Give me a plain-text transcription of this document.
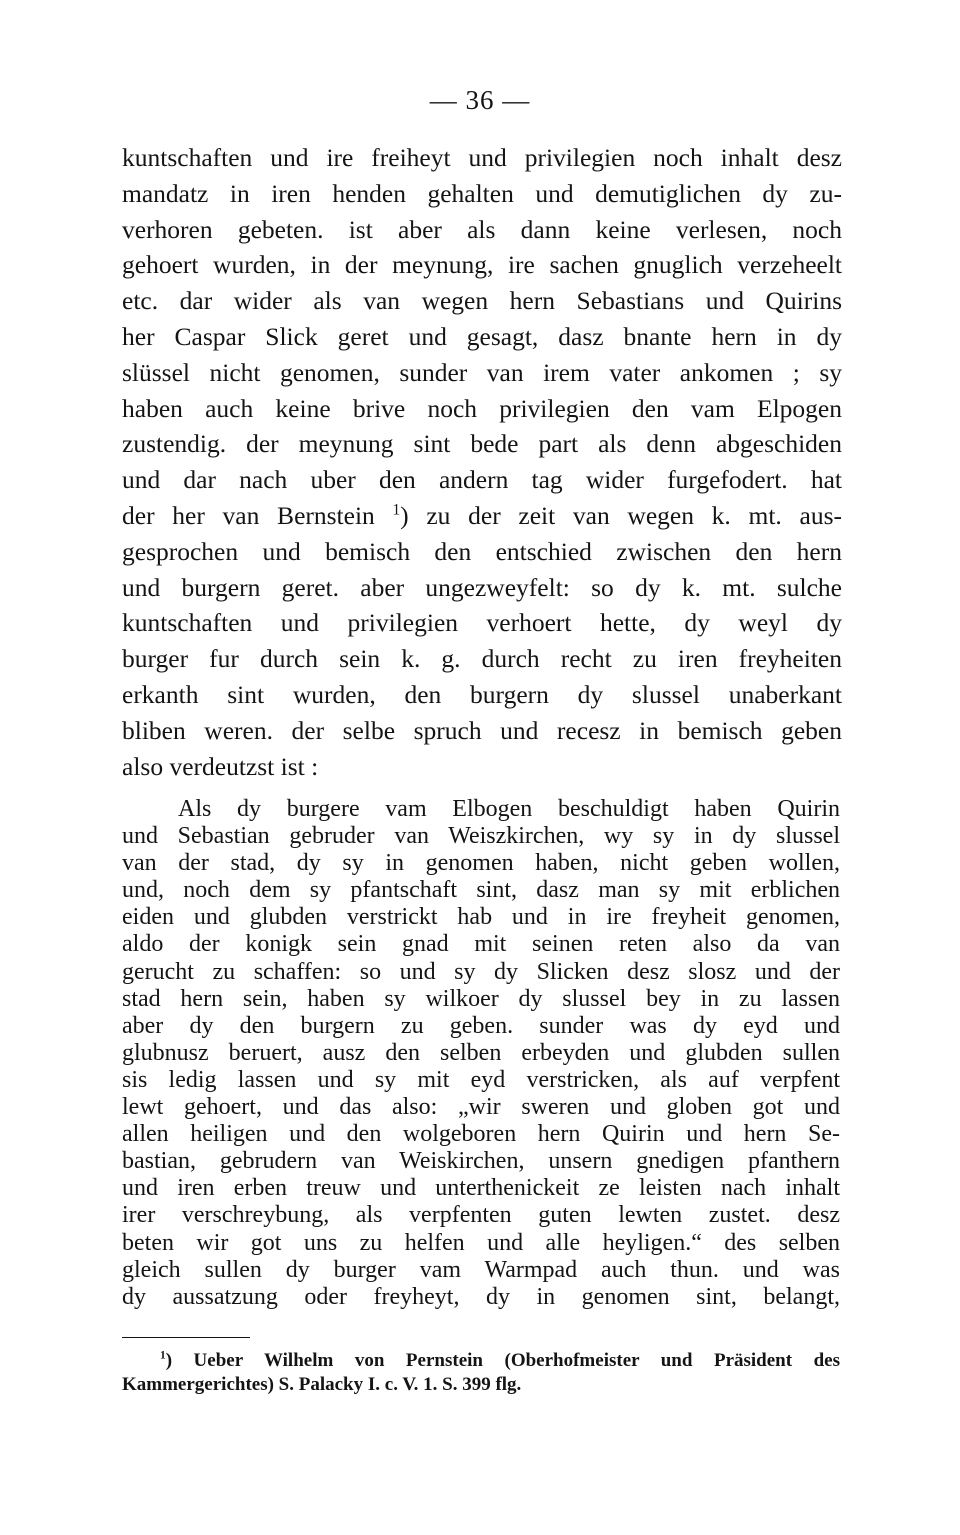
— 36 —
kuntschaften und ire freiheyt und privilegien noch inhalt desz
mandatz in iren henden gehalten und demutiglichen dy zu-
verhoren gebeten. ist aber als dann keine verlesen, noch
gehoert wurden, in der meynung, ire sachen gnuglich verzeheelt
etc. dar wider als van wegen hern Sebastians und Quirins
her Caspar Slick geret und gesagt, dasz bnante hern in dy
slüssel nicht genomen, sunder van irem vater ankomen ; sy
haben auch keine brive noch privilegien den vam Elpogen
zustendig. der meynung sint bede part als denn abgeschiden
und dar nach uber den andern tag wider furgefodert. hat
der her van Bernstein $^1$) zu der zeit van wegen k. mt. aus-
gesprochen und bemisch den entschied zwischen den hern
und burgern geret. aber ungezweyfelt: so dy k. mt. sulche
kuntschaften und privilegien verhoert hette, dy weyl dy
burger fur durch sein k. g. durch recht zu iren freyheiten
erkanth sint wurden, den burgern dy slussel unaberkant
bliben weren. der selbe spruch und recesz in bemisch geben
also verdeutzst ist :
Als dy burgere vam Elbogen beschuldigt haben Quirin
und Sebastian gebruder van Weiszkirchen, wy sy in dy slussel
van der stad, dy sy in genomen haben, nicht geben wollen,
und, noch dem sy pfantschaft sint, dasz man sy mit erblichen
eiden und glubden verstrickt hab und in ire freyheit genomen,
aldo der konigk sein gnad mit seinen reten also da van
gerucht zu schaffen: so und sy dy Slicken desz slosz und der
stad hern sein, haben sy wilkoer dy slussel bey in zu lassen
aber dy den burgern zu geben. sunder was dy eyd und
glubnusz beruert, ausz den selben erbeyden und glubden sullen
sis ledig lassen und sy mit eyd verstricken, als auf verpfent
lewt gehoert, und das also: „wir sweren und globen got und
allen heiligen und den wolgeboren hern Quirin und hern Se-
bastian, gebrudern van Weiskirchen, unsern gnedigen pfanthern
und iren erben treuw und unterthenickeit ze leisten nach inhalt
irer verschreybung, als verpfenten guten lewten zustet. desz
beten wir got uns zu helfen und alle heyligen.“ des selben
gleich sullen dy burger vam Warmpad auch thun. und was
dy aussatzung oder freyheyt, dy in genomen sint, belangt,
$^1$) Ueber Wilhelm von Pernstein (Oberhofmeister und Präsident des
Kammergerichtes) S. Palacky I. c. V. 1. S. 399 flg.
